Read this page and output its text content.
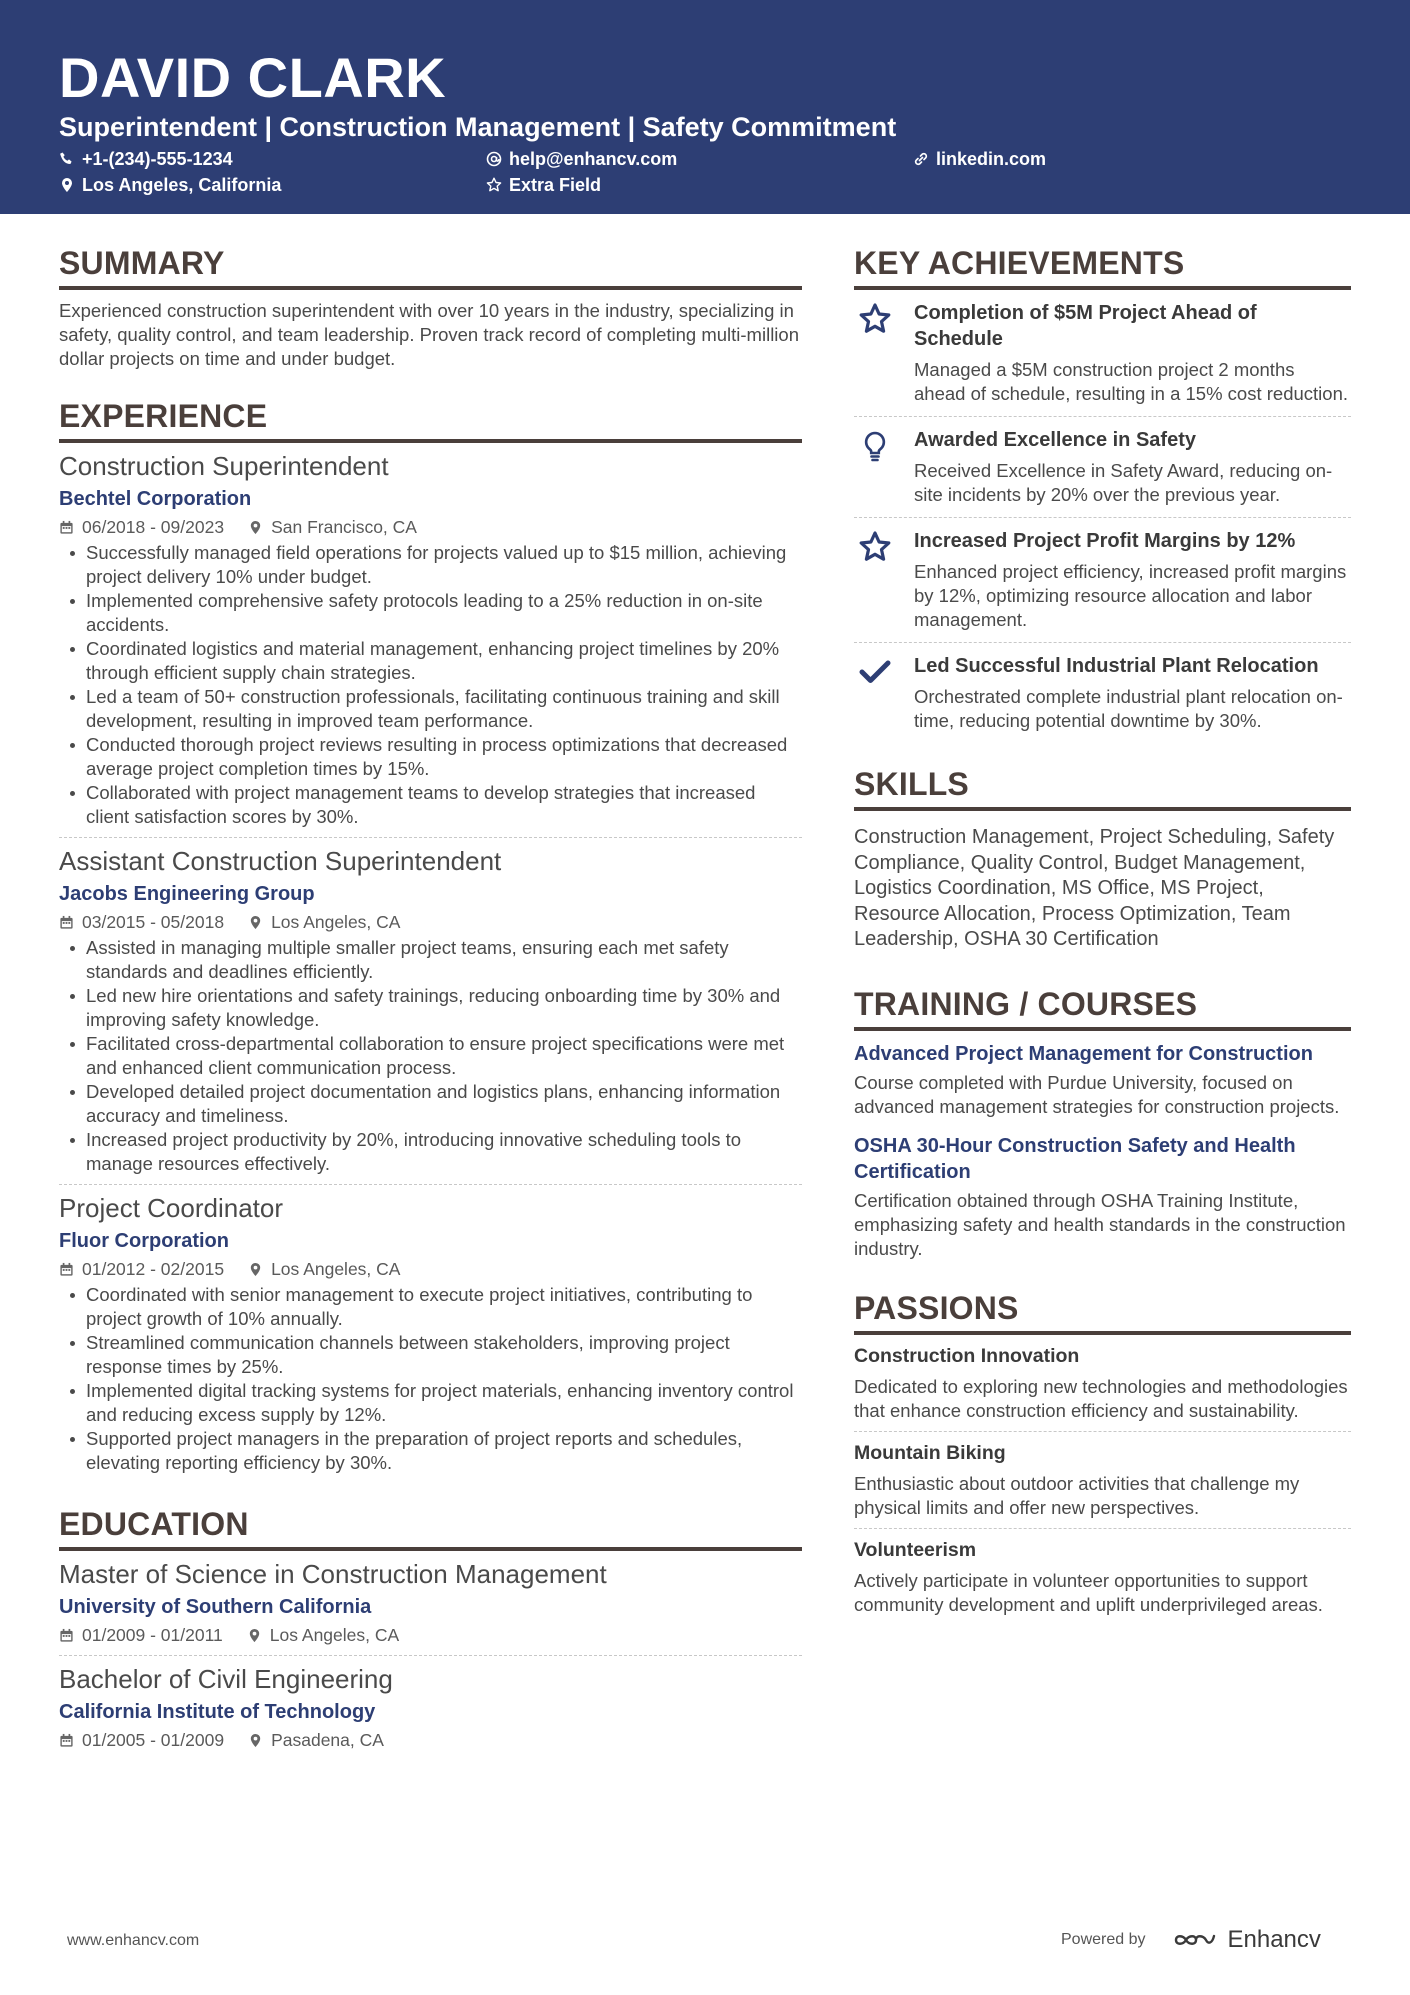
DAVID CLARK
Superintendent | Construction Management | Safety Commitment
+1-(234)-555-1234	help@enhancv.com	linkedin.com
Los Angeles, California	Extra Field
SUMMARY
Experienced construction superintendent with over 10 years in the industry, specializing in safety, quality control, and team leadership. Proven track record of completing multi-million dollar projects on time and under budget.
EXPERIENCE
Construction Superintendent
Bechtel Corporation
06/2018 - 09/2023	San Francisco, CA
Successfully managed field operations for projects valued up to $15 million, achieving project delivery 10% under budget.
Implemented comprehensive safety protocols leading to a 25% reduction in on-site accidents.
Coordinated logistics and material management, enhancing project timelines by 20% through efficient supply chain strategies.
Led a team of 50+ construction professionals, facilitating continuous training and skill development, resulting in improved team performance.
Conducted thorough project reviews resulting in process optimizations that decreased average project completion times by 15%.
Collaborated with project management teams to develop strategies that increased client satisfaction scores by 30%.
Assistant Construction Superintendent
Jacobs Engineering Group
03/2015 - 05/2018	Los Angeles, CA
Assisted in managing multiple smaller project teams, ensuring each met safety standards and deadlines efficiently.
Led new hire orientations and safety trainings, reducing onboarding time by 30% and improving safety knowledge.
Facilitated cross-departmental collaboration to ensure project specifications were met and enhanced client communication process.
Developed detailed project documentation and logistics plans, enhancing information accuracy and timeliness.
Increased project productivity by 20%, introducing innovative scheduling tools to manage resources effectively.
Project Coordinator
Fluor Corporation
01/2012 - 02/2015	Los Angeles, CA
Coordinated with senior management to execute project initiatives, contributing to project growth of 10% annually.
Streamlined communication channels between stakeholders, improving project response times by 25%.
Implemented digital tracking systems for project materials, enhancing inventory control and reducing excess supply by 12%.
Supported project managers in the preparation of project reports and schedules, elevating reporting efficiency by 30%.
EDUCATION
Master of Science in Construction Management
University of Southern California
01/2009 - 01/2011	Los Angeles, CA
Bachelor of Civil Engineering
California Institute of Technology
01/2005 - 01/2009	Pasadena, CA
KEY ACHIEVEMENTS
Completion of $5M Project Ahead of Schedule
Managed a $5M construction project 2 months ahead of schedule, resulting in a 15% cost reduction.
Awarded Excellence in Safety
Received Excellence in Safety Award, reducing on-site incidents by 20% over the previous year.
Increased Project Profit Margins by 12%
Enhanced project efficiency, increased profit margins by 12%, optimizing resource allocation and labor management.
Led Successful Industrial Plant Relocation
Orchestrated complete industrial plant relocation on-time, reducing potential downtime by 30%.
SKILLS
Construction Management, Project Scheduling, Safety Compliance, Quality Control, Budget Management, Logistics Coordination, MS Office, MS Project, Resource Allocation, Process Optimization, Team Leadership, OSHA 30 Certification
TRAINING / COURSES
Advanced Project Management for Construction
Course completed with Purdue University, focused on advanced management strategies for construction projects.
OSHA 30-Hour Construction Safety and Health Certification
Certification obtained through OSHA Training Institute, emphasizing safety and health standards in the construction industry.
PASSIONS
Construction Innovation
Dedicated to exploring new technologies and methodologies that enhance construction efficiency and sustainability.
Mountain Biking
Enthusiastic about outdoor activities that challenge my physical limits and offer new perspectives.
Volunteerism
Actively participate in volunteer opportunities to support community development and uplift underprivileged areas.
www.enhancv.com	Powered by	Enhancv
